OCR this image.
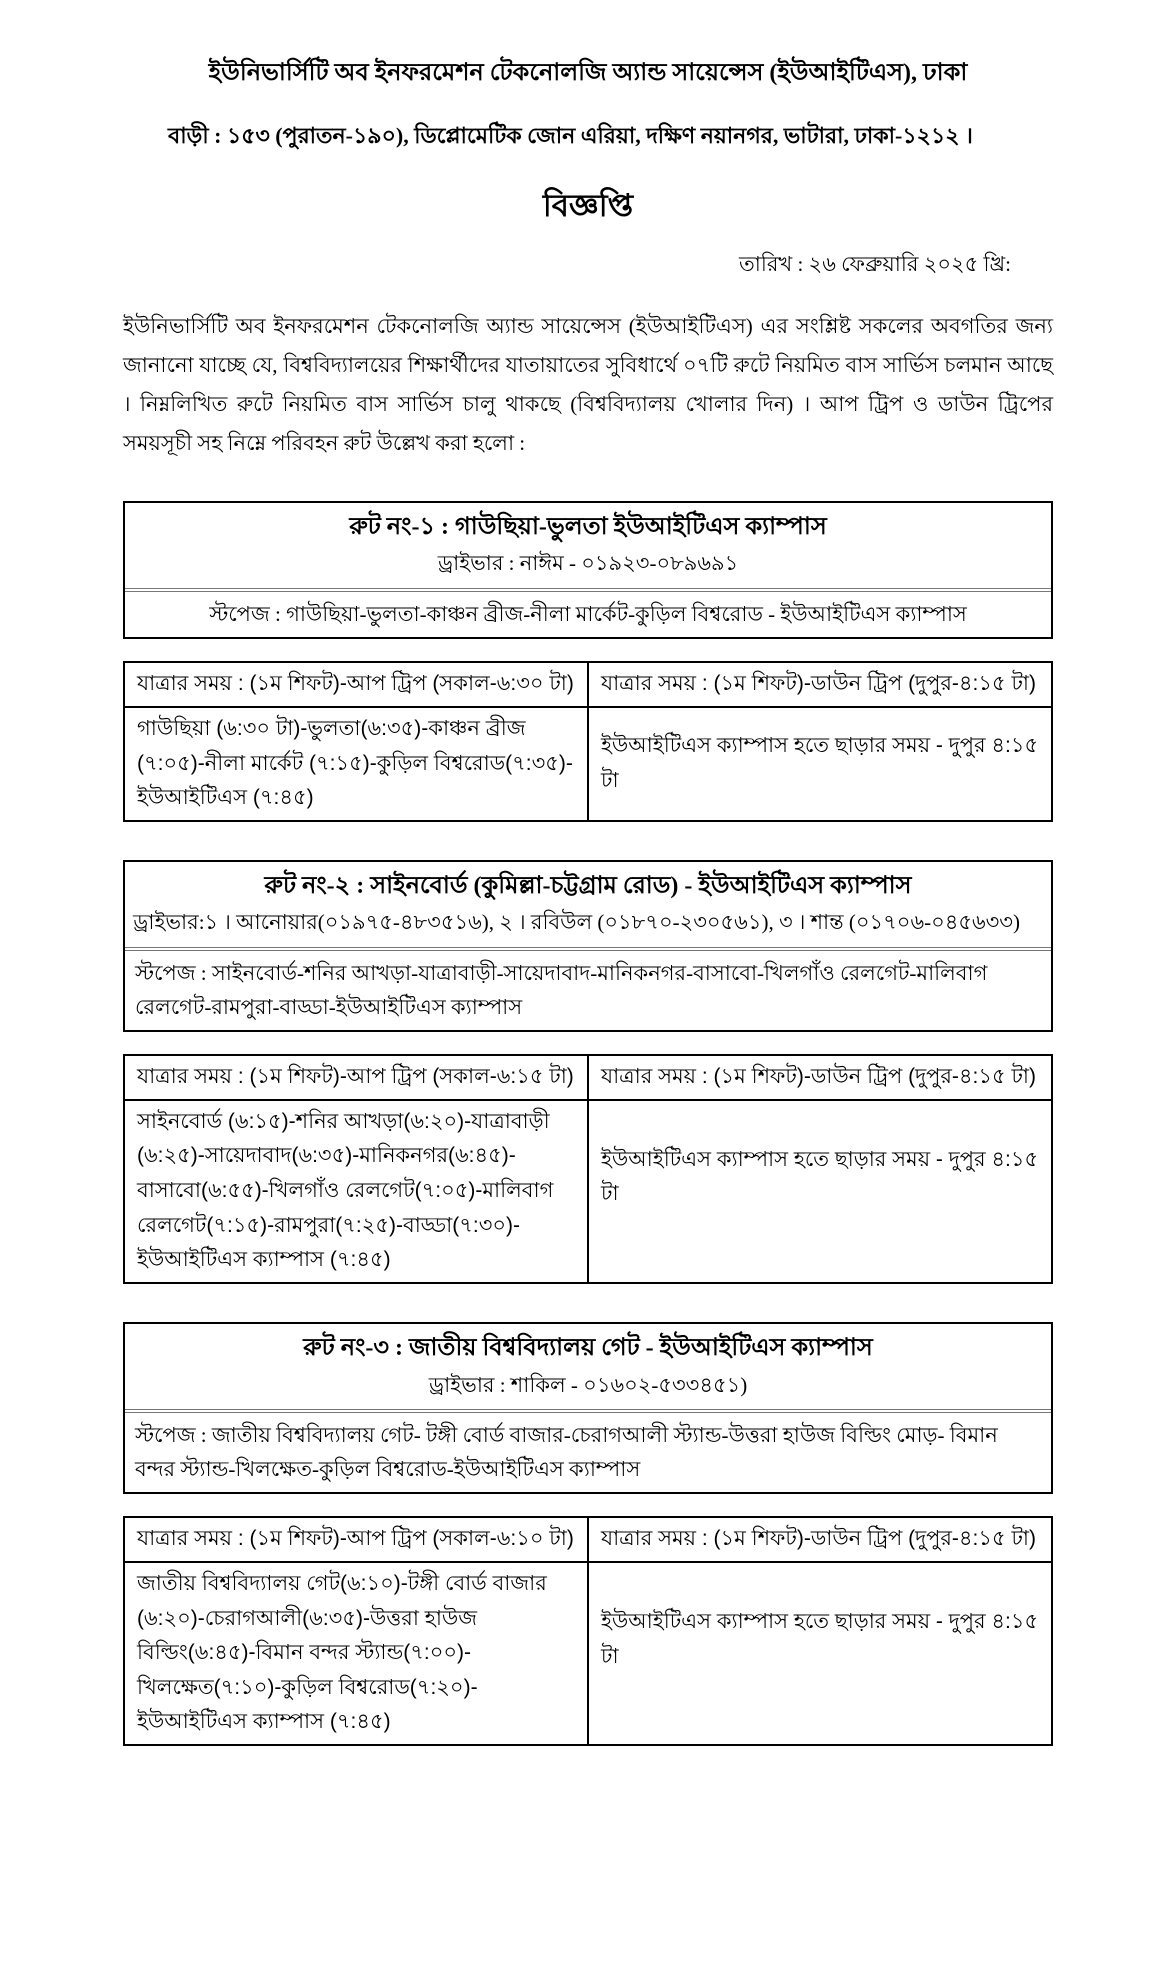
ইউনিভার্সিটি অব ইনফরমেশন টেকনোলজি অ্যান্ড সায়েন্সেস (ইউআইটিএস), ঢাকা
বাড়ী : ১৫৩ (পুরাতন-১৯০), ডিপ্লোমেটিক জোন এরিয়া, দক্ষিণ নয়ানগর, ভাটারা, ঢাকা-১২১২ ।
বিজ্ঞপ্তি
তারিখ : ২৬ ফেব্রুয়ারি ২০২৫ খ্রি:

ইউনিভার্সিটি অব ইনফরমেশন টেকনোলজি অ্যান্ড সায়েন্সেস (ইউআইটিএস) এর সংশ্লিষ্ট সকলের অবগতির জন্য জানানো যাচ্ছে যে, বিশ্ববিদ্যালয়ের শিক্ষার্থীদের যাতায়াতের সুবিধার্থে ০৭টি রুটে নিয়মিত বাস সার্ভিস চলমান আছে । নিম্নলিখিত রুটে নিয়মিত বাস সার্ভিস চালু থাকছে (বিশ্ববিদ্যালয় খোলার দিন) । আপ ট্রিপ ও ডাউন ট্রিপের সময়সূচী সহ নিম্নে পরিবহন রুট উল্লেখ করা হলো :

রুট নং-১ : গাউছিয়া-ভুলতা ইউআইটিএস ক্যাম্পাস
ড্রাইভার : নাঈম - ০১৯২৩-০৮৯৬৯১
স্টপেজ : গাউছিয়া-ভুলতা-কাঞ্চন ব্রীজ-নীলা মার্কেট-কুড়িল বিশ্বরোড - ইউআইটিএস ক্যাম্পাস
যাত্রার সময় : (১ম শিফট)-আপ ট্রিপ (সকাল-৬:৩০ টা)	যাত্রার সময় : (১ম শিফট)-ডাউন ট্রিপ (দুপুর-৪:১৫ টা)
গাউছিয়া (৬:৩০ টা)-ভুলতা(৬:৩৫)-কাঞ্চন ব্রীজ (৭:০৫)-নীলা মার্কেট (৭:১৫)-কুড়িল বিশ্বরোড(৭:৩৫)-ইউআইটিএস (৭:৪৫)	ইউআইটিএস ক্যাম্পাস হতে ছাড়ার সময় - দুপুর ৪:১৫ টা
রুট নং-২ : সাইনবোর্ড (কুমিল্লা-চট্টগ্রাম রোড) - ইউআইটিএস ক্যাম্পাস
ড্রাইভার:১ । আনোয়ার(০১৯৭৫-৪৮৩৫১৬), ২ । রবিউল (০১৮৭০-২৩০৫৬১), ৩ । শান্ত (০১৭০৬-০৪৫৬৩৩)
স্টপেজ : সাইনবোর্ড-শনির আখড়া-যাত্রাবাড়ী-সায়েদাবাদ-মানিকনগর-বাসাবো-খিলগাঁও রেলগেট-মালিবাগ রেলগেট-রামপুরা-বাড্ডা-ইউআইটিএস ক্যাম্পাস
যাত্রার সময় : (১ম শিফট)-আপ ট্রিপ (সকাল-৬:১৫ টা)	যাত্রার সময় : (১ম শিফট)-ডাউন ট্রিপ (দুপুর-৪:১৫ টা)
সাইনবোর্ড (৬:১৫)-শনির আখড়া(৬:২০)-যাত্রাবাড়ী (৬:২৫)-সায়েদাবাদ(৬:৩৫)-মানিকনগর(৬:৪৫)-বাসাবো(৬:৫৫)-খিলগাঁও রেলগেট(৭:০৫)-মালিবাগ রেলগেট(৭:১৫)-রামপুরা(৭:২৫)-বাড্ডা(৭:৩০)- ইউআইটিএস ক্যাম্পাস (৭:৪৫)	ইউআইটিএস ক্যাম্পাস হতে ছাড়ার সময় - দুপুর ৪:১৫ টা
রুট নং-৩ : জাতীয় বিশ্ববিদ্যালয় গেট - ইউআইটিএস ক্যাম্পাস
ড্রাইভার : শাকিল - ০১৬০২-৫৩৩৪৫১)
স্টপেজ : জাতীয় বিশ্ববিদ্যালয় গেট- টঙ্গী বোর্ড বাজার-চেরাগআলী স্ট্যান্ড-উত্তরা হাউজ বিল্ডিং মোড়- বিমান বন্দর স্ট্যান্ড-খিলক্ষেত-কুড়িল বিশ্বরোড-ইউআইটিএস ক্যাম্পাস
যাত্রার সময় : (১ম শিফট)-আপ ট্রিপ (সকাল-৬:১০ টা)	যাত্রার সময় : (১ম শিফট)-ডাউন ট্রিপ (দুপুর-৪:১৫ টা)
জাতীয় বিশ্ববিদ্যালয় গেট(৬:১০)-টঙ্গী বোর্ড বাজার (৬:২০)-চেরাগআলী(৬:৩৫)-উত্তরা হাউজ বিল্ডিং(৬:৪৫)-বিমান বন্দর স্ট্যান্ড(৭:০০)-খিলক্ষেত(৭:১০)-কুড়িল বিশ্বরোড(৭:২০)-ইউআইটিএস ক্যাম্পাস (৭:৪৫)	ইউআইটিএস ক্যাম্পাস হতে ছাড়ার সময় - দুপুর ৪:১৫ টা
